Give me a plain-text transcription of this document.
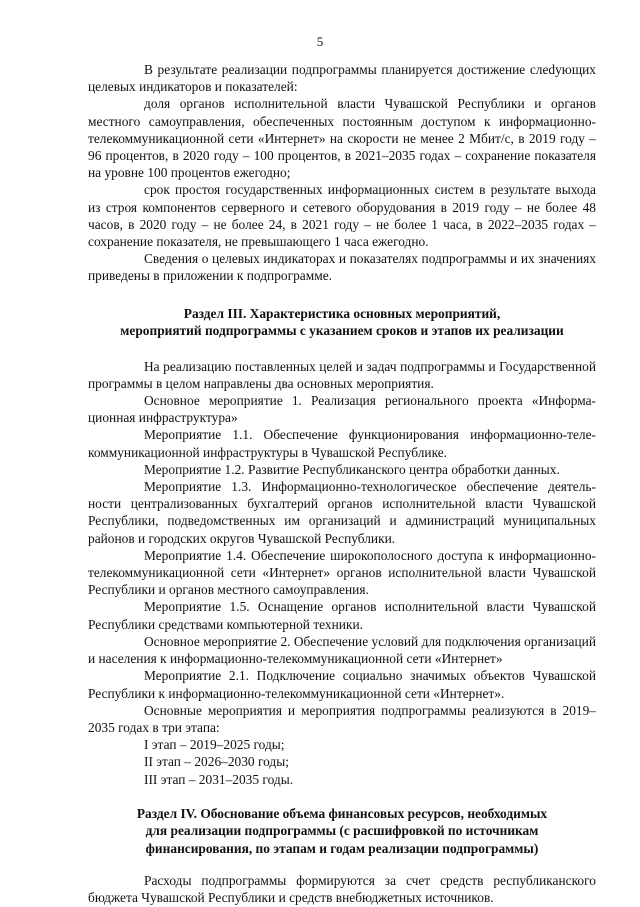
5

В результате реализации подпрограммы планируется достижение слеdующих целевых индикаторов и показателей:

доля органов исполнительной власти Чувашской Республики и органов местного самоуправления, обеспеченных постоянным доступом к информационно-телекоммуникационной сети «Интернет» на скорости не менее 2 Мбит/с, в 2019 году – 96 процентов, в 2020 году – 100 процентов, в 2021–2035 годах – сохранение показателя на уровне 100 процентов ежегодно;

срок простоя государственных информационных систем в результате выхода из строя компонентов серверного и сетевого оборудования в 2019 году – не более 48 часов, в 2020 году – не более 24, в 2021 году – не более 1 часа, в 2022–2035 годах – сохранение показателя, не превышающего 1 часа ежегодно.

Сведения о целевых индикаторах и показателях подпрограммы и их значениях приведены в приложении к подпрограмме.

Раздел III. Характеристика основных мероприятий,
мероприятий подпрограммы с указанием сроков и этапов их реализации

На реализацию поставленных целей и задач подпрограммы и Государственной программы в целом направлены два основных мероприятия.

Основное мероприятие 1. Реализация регионального проекта «Информационная инфраструктура»

Мероприятие 1.1. Обеспечение функционирования информационно-телекоммуникационной инфраструктуры в Чувашской Республике.

Мероприятие 1.2. Развитие Республиканского центра обработки данных.

Мероприятие 1.3. Информационно-технологическое обеспечение деятельности централизованных бухгалтерий органов исполнительной власти Чувашской Республики, подведомственных им организаций и администраций муниципальных районов и городских округов Чувашской Республики.

Мероприятие 1.4. Обеспечение широкополосного доступа к информационно-телекоммуникационной сети «Интернет» органов исполнительной власти Чувашской Республики и органов местного самоуправления.

Мероприятие 1.5. Оснащение органов исполнительной власти Чувашской Республики средствами компьютерной техники.

Основное мероприятие 2. Обеспечение условий для подключения организаций и населения к информационно-телекоммуникационной сети «Интернет»

Мероприятие 2.1. Подключение социально значимых объектов Чувашской Республики к информационно-телекоммуникационной сети «Интернет».

Основные мероприятия и мероприятия подпрограммы реализуются в 2019–2035 годах в три этапа:

I этап – 2019–2025 годы;

II этап – 2026–2030 годы;

III этап – 2031–2035 годы.

Раздел IV. Обоснование объема финансовых ресурсов, необходимых
для реализации подпрограммы (с расшифровкой по источникам
финансирования, по этапам и годам реализации подпрограммы)

Расходы подпрограммы формируются за счет средств республиканского бюджета Чувашской Республики и средств внебюджетных источников.
